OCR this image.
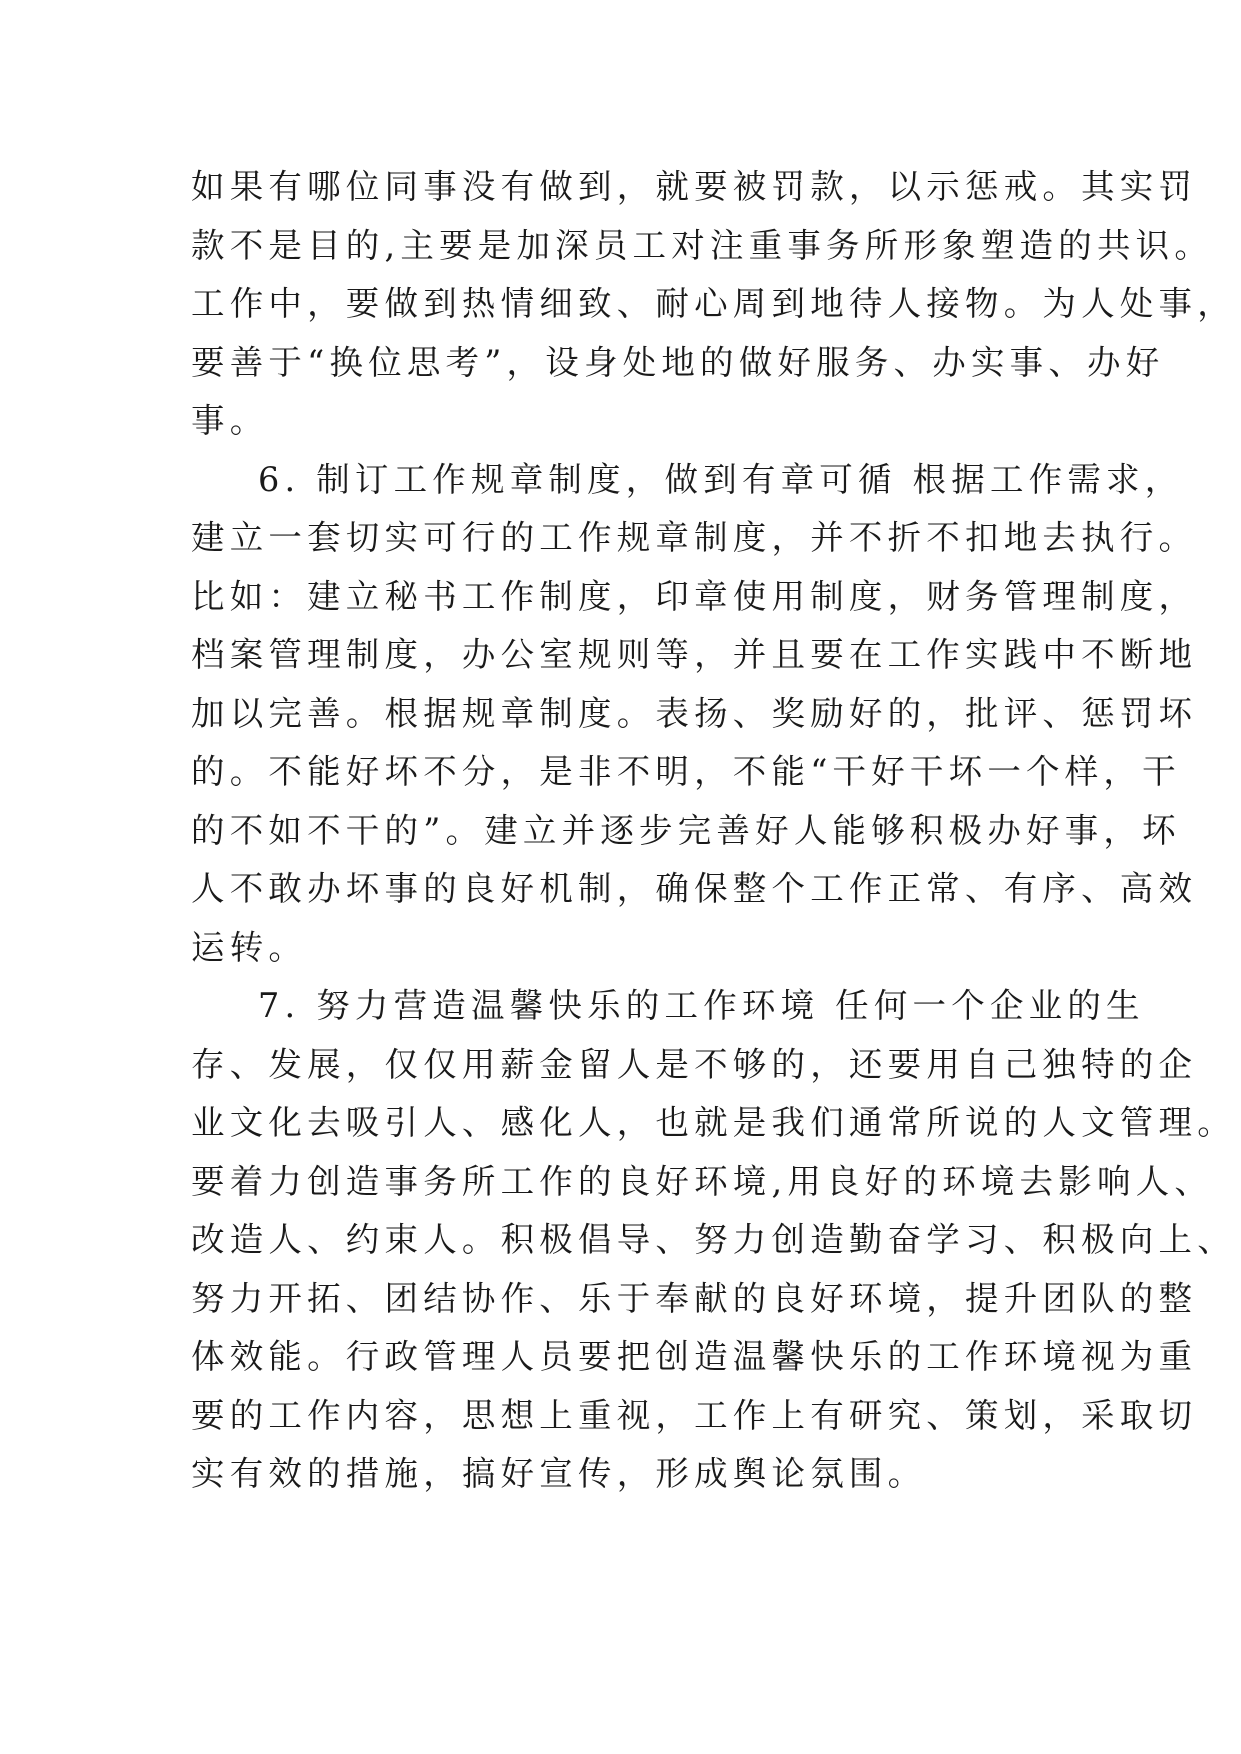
如果有哪位同事没有做到，就要被罚款，以示惩戒。其实罚
款不是目的,主要是加深员工对注重事务所形象塑造的共识。
工作中，要做到热情细致、耐心周到地待人接物。为人处事，
要善于“换位思考”，设身处地的做好服务、办实事、办好
事。
6. 制订工作规章制度，做到有章可循 根据工作需求，
建立一套切实可行的工作规章制度，并不折不扣地去执行。
比如：建立秘书工作制度，印章使用制度，财务管理制度，
档案管理制度，办公室规则等，并且要在工作实践中不断地
加以完善。根据规章制度。表扬、奖励好的，批评、惩罚坏
的。不能好坏不分，是非不明，不能“干好干坏一个样，干
的不如不干的”。建立并逐步完善好人能够积极办好事，坏
人不敢办坏事的良好机制，确保整个工作正常、有序、高效
运转。
7. 努力营造温馨快乐的工作环境 任何一个企业的生
存、发展，仅仅用薪金留人是不够的，还要用自己独特的企
业文化去吸引人、感化人，也就是我们通常所说的人文管理。
要着力创造事务所工作的良好环境,用良好的环境去影响人、
改造人、约束人。积极倡导、努力创造勤奋学习、积极向上、
努力开拓、团结协作、乐于奉献的良好环境，提升团队的整
体效能。行政管理人员要把创造温馨快乐的工作环境视为重
要的工作内容，思想上重视，工作上有研究、策划，采取切
实有效的措施，搞好宣传，形成舆论氛围。
